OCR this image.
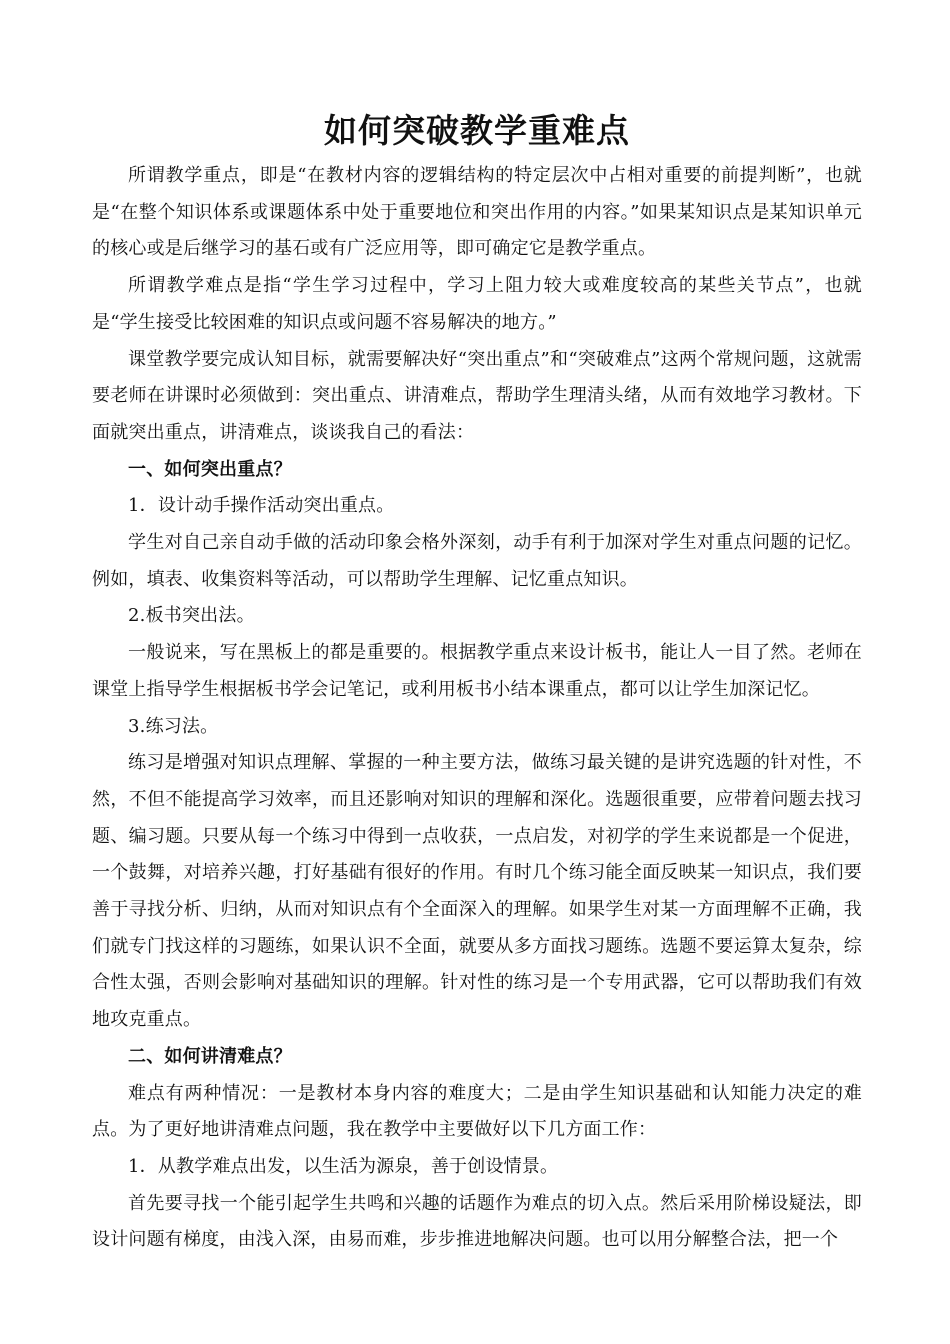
如何突破教学重难点

所谓教学重点，即是“在教材内容的逻辑结构的特定层次中占相对重要的前提判断”，也就是“在整个知识体系或课题体系中处于重要地位和突出作用的内容。”如果某知识点是某知识单元的核心或是后继学习的基石或有广泛应用等，即可确定它是教学重点。

所谓教学难点是指“学生学习过程中，学习上阻力较大或难度较高的某些关节点”，也就是“学生接受比较困难的知识点或问题不容易解决的地方。”

课堂教学要完成认知目标，就需要解决好“突出重点”和“突破难点”这两个常规问题，这就需要老师在讲课时必须做到：突出重点、讲清难点，帮助学生理清头绪，从而有效地学习教材。下面就突出重点，讲清难点，谈谈我自己的看法：

一、如何突出重点？

1．设计动手操作活动突出重点。

学生对自己亲自动手做的活动印象会格外深刻，动手有利于加深对学生对重点问题的记忆。例如，填表、收集资料等活动，可以帮助学生理解、记忆重点知识。

2.板书突出法。

一般说来，写在黑板上的都是重要的。根据教学重点来设计板书，能让人一目了然。老师在课堂上指导学生根据板书学会记笔记，或利用板书小结本课重点，都可以让学生加深记忆。

3.练习法。

练习是增强对知识点理解、掌握的一种主要方法，做练习最关键的是讲究选题的针对性，不然，不但不能提高学习效率，而且还影响对知识的理解和深化。选题很重要，应带着问题去找习题、编习题。只要从每一个练习中得到一点收获，一点启发，对初学的学生来说都是一个促进，一个鼓舞，对培养兴趣，打好基础有很好的作用。有时几个练习能全面反映某一知识点，我们要善于寻找分析、归纳，从而对知识点有个全面深入的理解。如果学生对某一方面理解不正确，我们就专门找这样的习题练，如果认识不全面，就要从多方面找习题练。选题不要运算太复杂，综合性太强，否则会影响对基础知识的理解。针对性的练习是一个专用武器，它可以帮助我们有效地攻克重点。

二、如何讲清难点？

难点有两种情况：一是教材本身内容的难度大；二是由学生知识基础和认知能力决定的难点。为了更好地讲清难点问题，我在教学中主要做好以下几方面工作：

1．从教学难点出发，以生活为源泉，善于创设情景。

首先要寻找一个能引起学生共鸣和兴趣的话题作为难点的切入点。然后采用阶梯设疑法，即设计问题有梯度，由浅入深，由易而难，步步推进地解决问题。也可以用分解整合法，把一个
